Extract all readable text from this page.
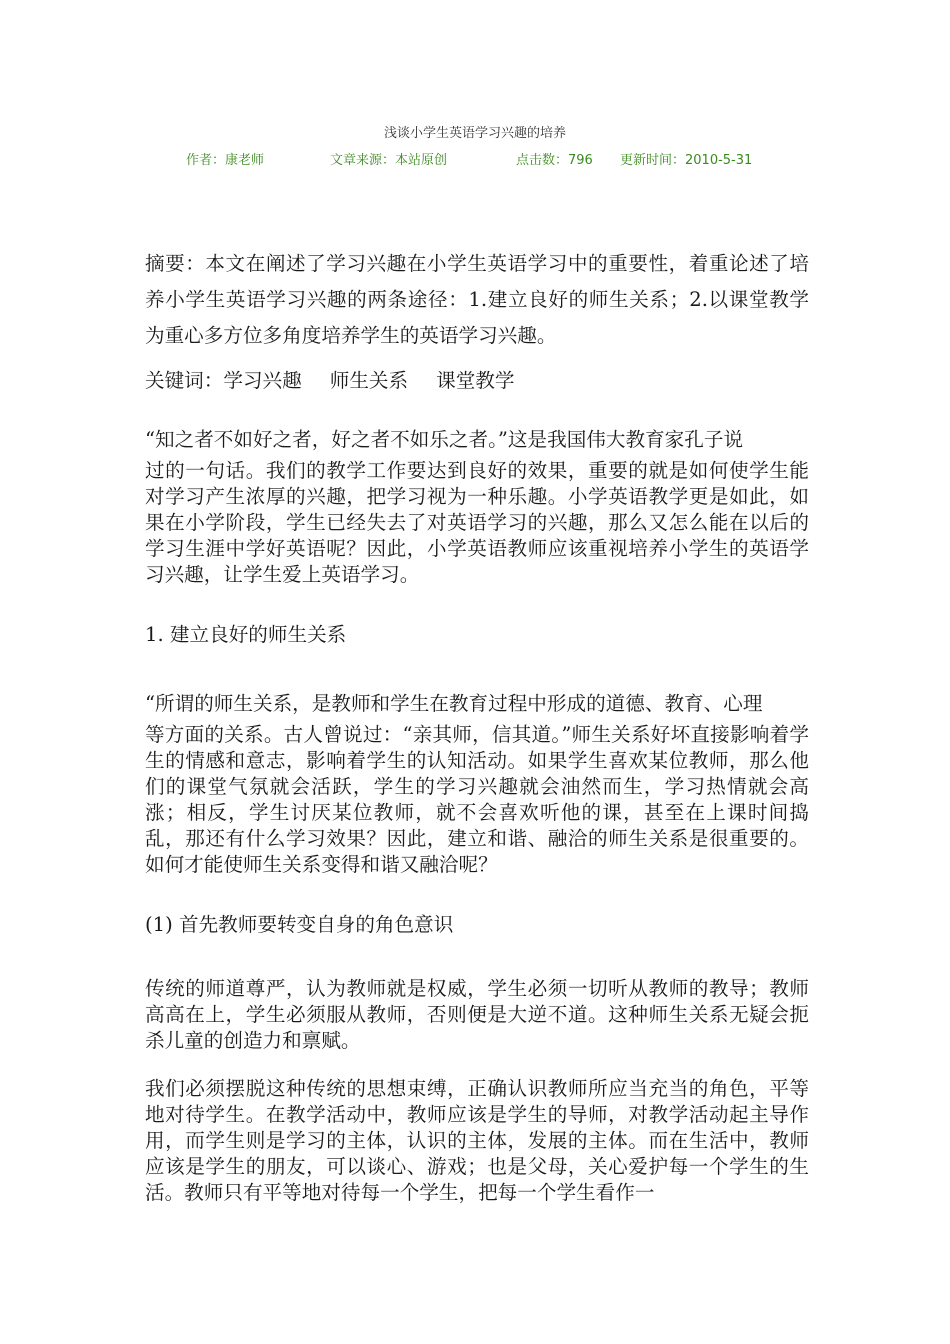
浅谈小学生英语学习兴趣的培养
作者：康老师	文章来源：本站原创	点击数：796 更新时间：2010-5-31

摘要：本文在阐述了学习兴趣在小学生英语学习中的重要性，着重论述了培养小学生英语学习兴趣的两条途径：1.建立良好的师生关系；2.以课堂教学为重心多方位多角度培养学生的英语学习兴趣。

关键词：学习兴趣 师生关系 课堂教学

“知之者不如好之者，好之者不如乐之者。”这是我国伟大教育家孔子说
过的一句话。我们的教学工作要达到良好的效果，重要的就是如何使学生能对学习产生浓厚的兴趣，把学习视为一种乐趣。小学英语教学更是如此，如果在小学阶段，学生已经失去了对英语学习的兴趣，那么又怎么能在以后的学习生涯中学好英语呢？因此，小学英语教师应该重视培养小学生的英语学习兴趣，让学生爱上英语学习。

1. 建立良好的师生关系

“所谓的师生关系，是教师和学生在教育过程中形成的道德、教育、心理
等方面的关系。古人曾说过：“亲其师，信其道。”师生关系好坏直接影响着学生的情感和意志，影响着学生的认知活动。如果学生喜欢某位教师，那么他们的课堂气氛就会活跃，学生的学习兴趣就会油然而生，学习热情就会高涨；相反，学生讨厌某位教师，就不会喜欢听他的课，甚至在上课时间捣乱，那还有什么学习效果？因此，建立和谐、融洽的师生关系是很重要的。如何才能使师生关系变得和谐又融洽呢？

(1) 首先教师要转变自身的角色意识

传统的师道尊严，认为教师就是权威，学生必须一切听从教师的教导；教师高高在上，学生必须服从教师，否则便是大逆不道。这种师生关系无疑会扼杀儿童的创造力和禀赋。

我们必须摆脱这种传统的思想束缚，正确认识教师所应当充当的角色，平等地对待学生。在教学活动中，教师应该是学生的导师，对教学活动起主导作用，而学生则是学习的主体，认识的主体，发展的主体。而在生活中，教师应该是学生的朋友，可以谈心、游戏；也是父母，关心爱护每一个学生的生活。教师只有平等地对待每一个学生，把每一个学生看作一
